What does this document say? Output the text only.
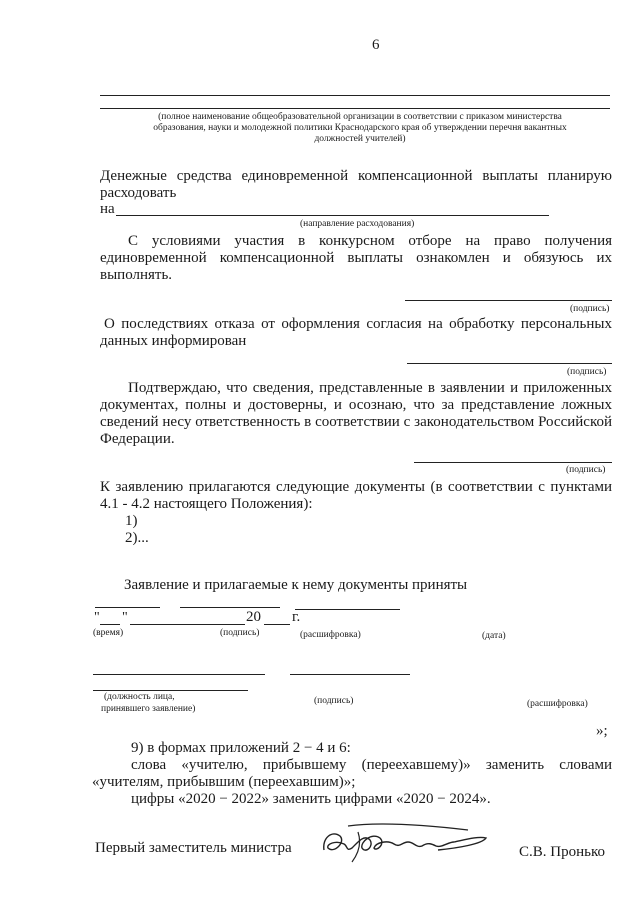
6
(полное наименование общеобразовательной организации в соответствии с приказом министерства
образования, науки и молодежной политики Краснодарского края об утверждении перечня вакантных
должностей учителей)
Денежные средства единовременной компенсационной выплаты планирую
расходовать
на
(направление расходования)
С условиями участия в конкурсном отборе на право получения
единовременной компенсационной выплаты ознакомлен и обязуюсь их
выполнять.
(подпись)
О последствиях отказа от оформления согласия на обработку персональных
данных информирован
(подпись)
Подтверждаю, что сведения, представленные в заявлении и приложенных
документах, полны и достоверны, и осознаю, что за представление ложных
сведений несу ответственность в соответствии с законодательством Российской
Федерации.
(подпись)
К заявлению прилагаются следующие документы (в соответствии с пунктами
4.1 - 4.2 настоящего Положения):
1)
2)...
Заявление и прилагаемые к нему документы приняты
" "	20 г.
(время)	(подпись)	(расшифровка)	(дата)
(должность лица,
принявшего заявление)
(подпись)	(расшифровка)
»;
9) в формах приложений 2 − 4 и 6:
слова «учителю, прибывшему (переехавшему)» заменить словами
«учителям, прибывшим (переехавшим)»;
цифры «2020 − 2022» заменить цифрами «2020 − 2024».
Первый заместитель министра	С.В. Пронько
